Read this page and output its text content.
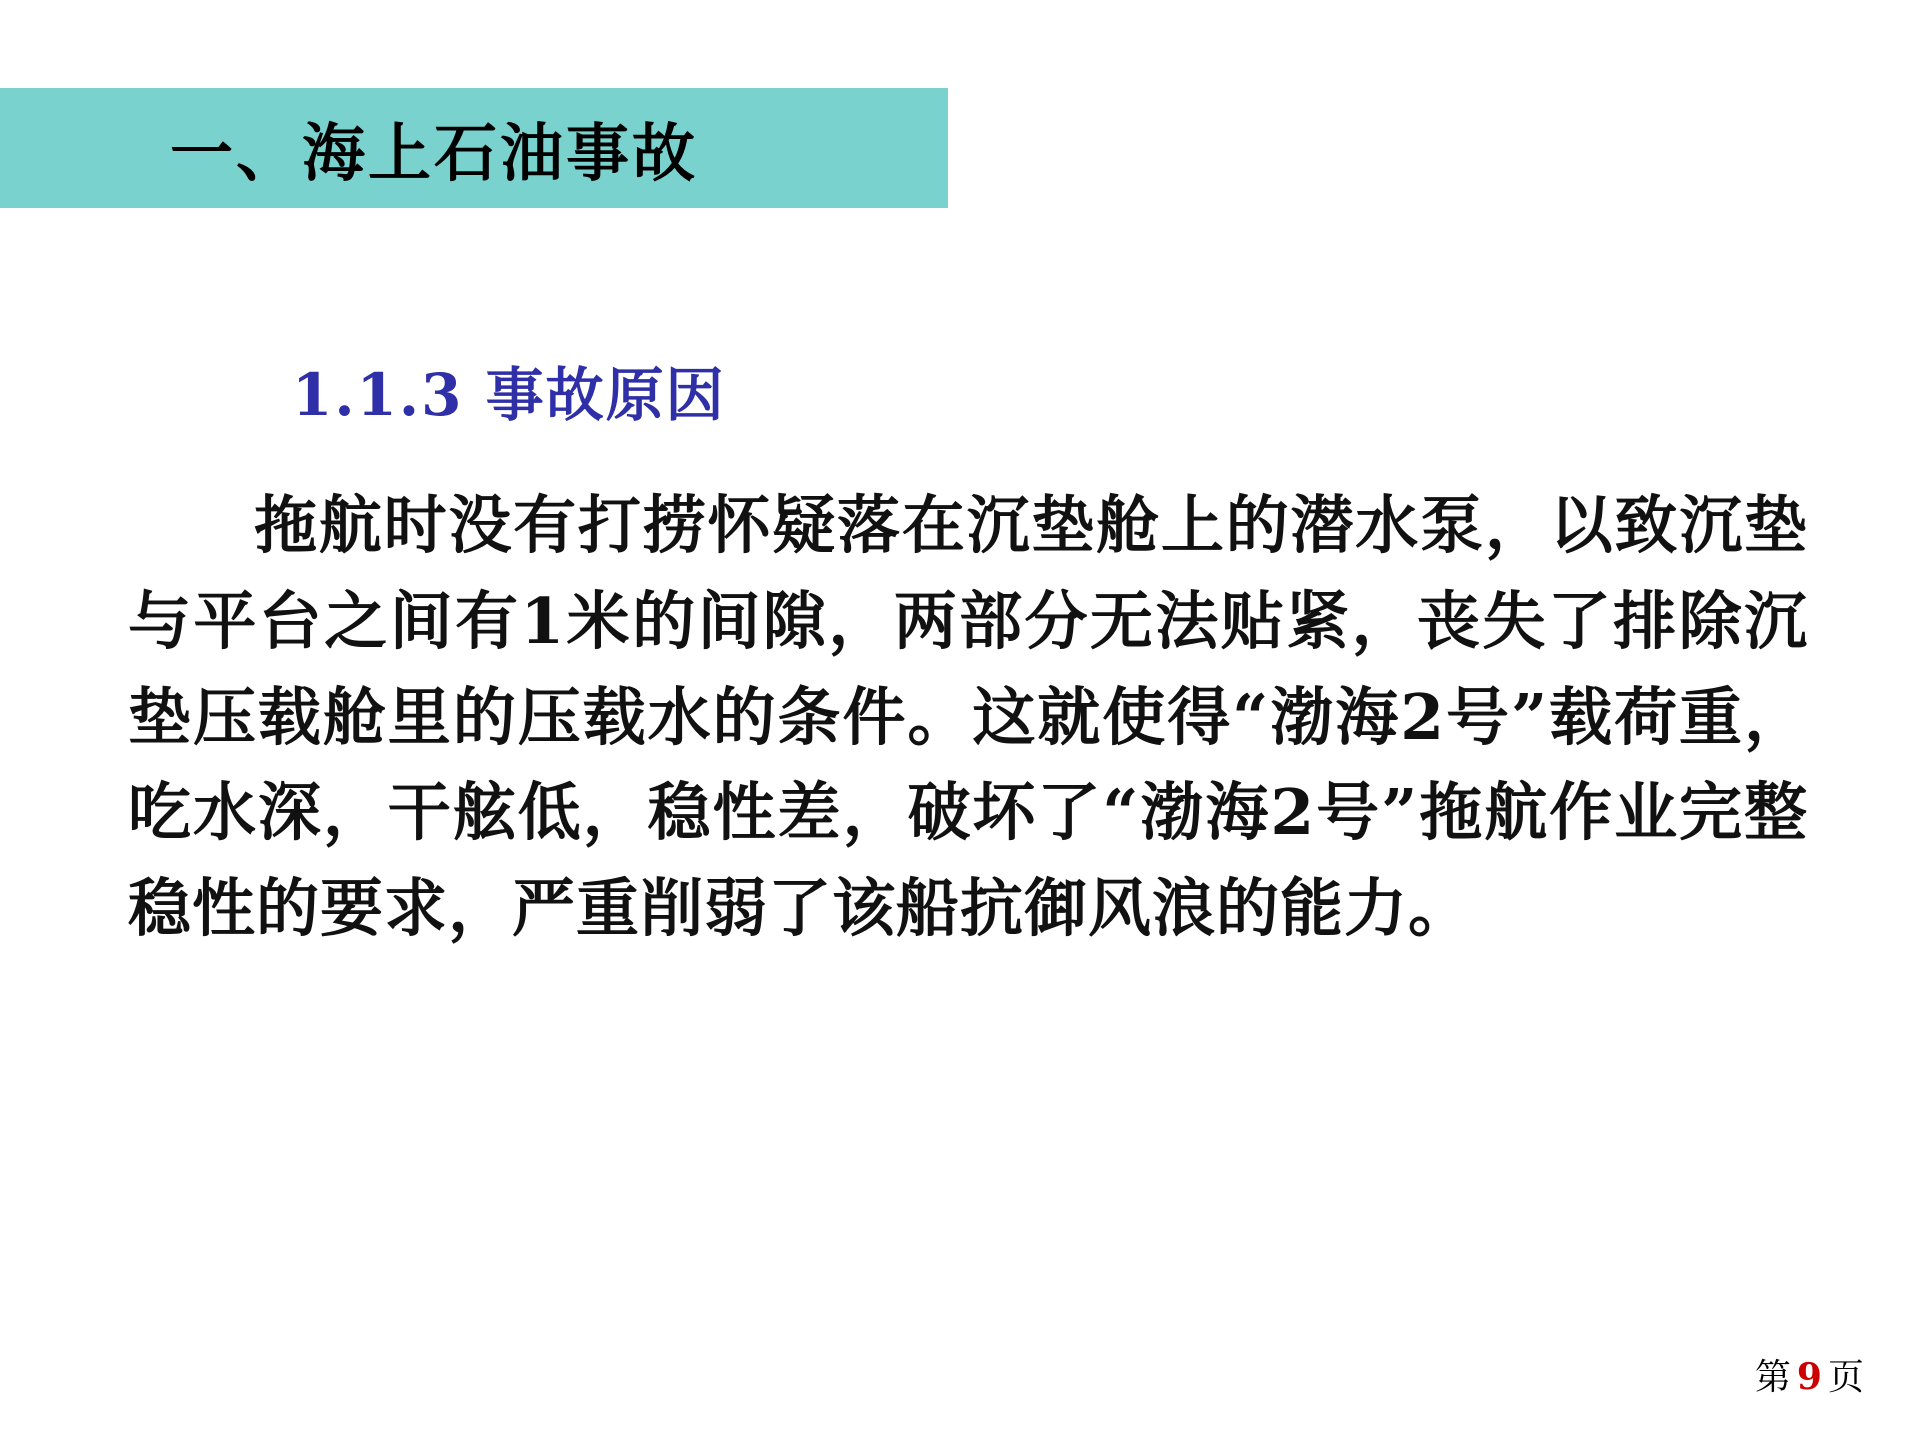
一、海上石油事故
1.1.3 事故原因
拖航时没有打捞怀疑落在沉垫舱上的潜水泵，以致沉垫与平台之间有1米的间隙，两部分无法贴紧，丧失了排除沉垫压载舱里的压载水的条件。这就使得“渤海2号”载荷重，吃水深，干舷低，稳性差，破坏了“渤海2号”拖航作业完整稳性的要求，严重削弱了该船抗御风浪的能力。
第 9 页
